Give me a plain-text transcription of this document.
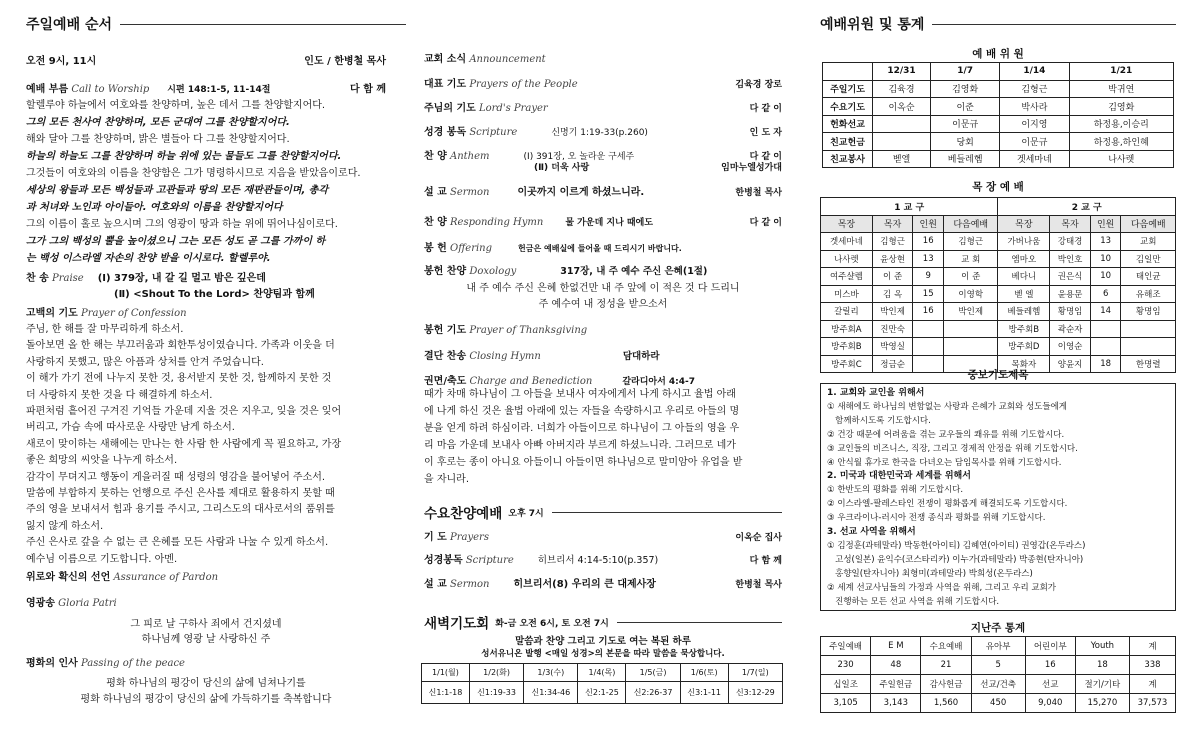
주일예배 순서
오전 9시, 11시	인도 / 한병철 목사
예배 부름
Call to Worship 시편 148:1-5, 11-14절	다 함 께
할렐루야 하늘에서 여호와를 찬양하며, 높은 데서 그를 찬양할지어다.
그의 모든 천사여 찬양하며, 모든 군대여 그를 찬양할지어다.
해와 달아 그를 찬양하며, 밝은 별들아 다 그를 찬양할지어다.
하늘의 하늘도 그를 찬양하며 하늘 위에 있는 물들도 그를 찬양할지어다.
그것들이 여호와의 이름을 찬양함은 그가 명령하시므로 지음을 받았음이로다.
세상의 왕들과 모든 백성들과 고관들과 땅의 모든 재판관들이며, 총각
과 처녀와 노인과 아이들아. 여호와의 이름을 찬양할지어다
그의 이름이 홀로 높으시며 그의 영광이 땅과 하늘 위에 뛰어나심이로다.
그가 그의 백성의 뿔을 높이셨으니 그는 모든 성도 곧 그를 가까이 하
는 백성 이스라엘 자손의 찬양 받을 이시로다. 할렐루야.
찬 송
Praise (Ⅰ) 379장, 내 갈 길 멀고 밤은 깊은데
(Ⅱ) <Shout To the Lord> 찬양팀과 함께
고백의 기도
Prayer of Confession
주님, 한 해를 잘 마무리하게 하소서.
돌아보면 올 한 해는 부끄러움과 회한투성이였습니다. 가족과 이웃을 더
사랑하지 못했고, 많은 아픔과 상처를 안겨 주었습니다.
이 해가 가기 전에 나누지 못한 것, 용서받지 못한 것, 함께하지 못한 것
더 사랑하지 못한 것을 다 해결하게 하소서.
파편처럼 흩어진 구겨진 기억들 가운데 지울 것은 지우고, 잊을 것은 잊어
버리고, 가슴 속에 따사로운 사랑만 남게 하소서.
새로이 맞이하는 새해에는 만나는 한 사람 한 사람에게 꼭 필요하고, 가장
좋은 희망의 씨앗을 나누게 하소서.
감각이 무뎌지고 행동이 게을러질 때 성령의 영감을 불어넣어 주소서.
말씀에 부합하지 못하는 언행으로 주신 은사를 제대로 활용하지 못할 때
주의 영을 보내셔서 힘과 용기를 주시고, 그리스도의 대사로서의 품위를
잃지 않게 하소서.
주신 은사로 갚을 수 없는 큰 은혜를 모든 사람과 나눌 수 있게 하소서.
예수님 이름으로 기도합니다. 아멘.
위로와 확신의 선언
Assurance of Pardon
영광송
Gloria Patri
그 피로 날 구하사 죄에서 건지셨네
하나님께 영광 날 사랑하신 주
평화의 인사
Passing of the peace
평화 하나님의 평강이 당신의 삶에 넘쳐나기를
평화 하나님의 평강이 당신의 삶에 가득하기를 축복합니다
교회 소식
Announcement
대표 기도
Prayers of the People	김육경 장로
주님의 기도
Lord's Prayer	다 같 이
성경 봉독
Scripture	신명기 1:19-33(p.260)	인 도 자
찬 양
Anthem	(Ⅰ) 391장, 오 놀라운 구세주	다 같 이
(Ⅱ) 더욱 사랑	임마누엘성가대
설 교
Sermon	이곳까지 이르게 하셨느니라.	한병철 목사
찬 양
Responding Hymn 물 가운데 지나 때에도	다 같 이
봉 헌
Offering	헌금은 예배실에 들어올 때 드리시기 바랍니다.
봉헌 찬양
Doxology	317장, 내 주 예수 주신 은혜(1절)
내 주 예수 주신 은혜 한없건만 내 주 앞에 이 적은 것 다 드리니
주 예수여 내 정성을 받으소서
봉헌 기도
Prayer of Thanksgiving
결단 찬송
Closing Hymn	담대하라
권면/축도
Charge and Benediction	갈라디아서 4:4-7
때가 차매 하나님이 그 아들을 보내사 여자에게서 나게 하시고 율법 아래
에 나게 하신 것은 율법 아래에 있는 자들을 속량하시고 우리로 아들의 명
분을 얻게 하려 하심이라. 너희가 아들이므로 하나님이 그 아들의 영을 우
리 마음 가운데 보내사 아빠 아버지라 부르게 하셨느니라. 그러므로 네가
이 후로는 종이 아니요 아들이니 아들이면 하나님으로 말미암아 유업을 받
을 자니라.
수요찬양예배 오후 7시
기 도
Prayers	이옥순 집사
성경봉독
Scripture	히브리서 4:14-5:10(p.357)	다 함 께
설 교
Sermon 히브리서(8) 우리의 큰 대제사장	한병철 목사
새벽기도회 화-금 오전 6시, 토 오전 7시
말씀과 찬양 그리고 기도로 여는 복된 하루
성서유니온 발행 <매일 성경>의 본문을 따라 말씀을 묵상합니다.
1/1(월)	1/2(화)	1/3(수)	1/4(목)	1/5(금)	1/6(토)	1/7(일)
신1:1-18	신1:19-33	신1:34-46	신2:1-25	신2:26-37	신3:1-11	신3:12-29
예배위원 및 통계
예 배 위 원
	12/31	1/7	1/14	1/21
주일기도	김육경	김영화	김형근	박귀연
수요기도	이옥순	이준	박사라	김영화
헌화선교		이문규	이지영	하정용,이승리
친교헌금		당회	이문규	하정용,하인혜
친교봉사	벧엘	베들레헴	겟세마네	나사렛
목 장 예 배
1 교 구				2 교 구			
목장	목자	인원	다음예배	목장	목자	인원	다음예배
겟세마네	김형근	16	김형근	가버나움	강태경	13	교회
나사렛	윤상현	13	교 회	엠마오	박인호	10	김일만
여주샬렘	이 준	9	이 준	베다니	권은식	10	태인균
미스바	김 옥	15	이영학	벧 엘	윤용문	6	유해조
갈릴리	박인제	16	박인제	베들레헴	황명임	14	황명임
방주회A	진만숙			방주회B	곽순자		
방주회B	박영실			방주회D	이영순		
방주회C	정금순			목화자	양윤지	18	한명렬
중보기도제목
1. 교회와 교인을 위해서
① 새해에도 하나님의 변함없는 사랑과 은혜가 교회와 성도들에게
함께하시도록 기도합시다.
② 건강 때문에 어려움을 겪는 교우들의 쾌유를 위해 기도합시다.
③ 교인들의 비즈니스, 직장, 그리고 경제적 안정을 위해 기도합시다.
④ 안식월 휴가로 한국을 다녀오는 담임목사를 위해 기도합시다.
2. 미국과 대한민국과 세계를 위해서
① 한반도의 평화를 위해 기도합시다.
② 이스라엘-팔레스타인 전쟁이 평화롭게 해결되도록 기도합시다.
③ 우크라이나-러시아 전쟁 종식과 평화를 위해 기도합시다.
3. 선교 사역을 위해서
① 김정훈(과테말라) 박동한(아이티) 김혜연(아이티) 권영갑(온두라스)
고성(일본) 윤익수(코스타리카) 이누가(과테말라) 박종현(탄자니아)
홍향일(탄자니아) 최형미(과테말라) 박희성(온두라스)
② 세계 선교사님들의 가정과 사역을 위해, 그리고 우리 교회가
진행하는 모든 선교 사역을 위해 기도합시다.
지난주 통계
주일예배	E M	수요예배	유아부	어린이부	Youth	계
230	48	21	5	16	18	338
십일조	주일헌금	감사헌금	선교/건축	선교	절기/기타	계
3,105	3,143	1,560	450	9,040	15,270	37,573
